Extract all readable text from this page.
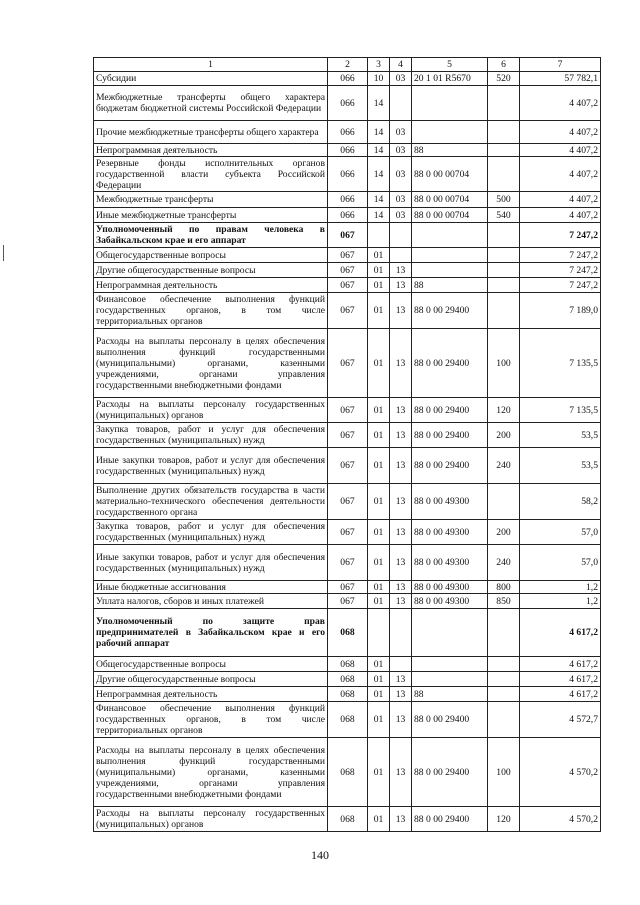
1	2	3	4	5	6	7
Субсидии	066	10	03	20 1 01 R5670	520	57 782,1
Межбюджетные трансферты общего характера бюджетам бюджетной системы Российской Федерации	066	14				4 407,2
Прочие межбюджетные трансферты общего характера	066	14	03			4 407,2
Непрограммная деятельность	066	14	03	88		4 407,2
Резервные фонды исполнительных органов государственной власти субъекта Российской Федерации	066	14	03	88 0 00 00704		4 407,2
Межбюджетные трансферты	066	14	03	88 0 00 00704	500	4 407,2
Иные межбюджетные трансферты	066	14	03	88 0 00 00704	540	4 407,2
Уполномоченный по правам человека в Забайкальском крае и его аппарат	067					7 247,2
Общегосударственные вопросы	067	01				7 247,2
Другие общегосударственные вопросы	067	01	13			7 247,2
Непрограммная деятельность	067	01	13	88		7 247,2
Финансовое обеспечение выполнения функций государственных органов, в том числе территориальных органов	067	01	13	88 0 00 29400		7 189,0
Расходы на выплаты персоналу в целях обеспечения выполнения функций государственными (муниципальными) органами, казенными учреждениями, органами управления государственными внебюджетными фондами	067	01	13	88 0 00 29400	100	7 135,5
Расходы на выплаты персоналу государственных (муниципальных) органов	067	01	13	88 0 00 29400	120	7 135,5
Закупка товаров, работ и услуг для обеспечения государственных (муниципальных) нужд	067	01	13	88 0 00 29400	200	53,5
Иные закупки товаров, работ и услуг для обеспечения государственных (муниципальных) нужд	067	01	13	88 0 00 29400	240	53,5
Выполнение других обязательств государства в части материально-технического обеспечения деятельности государственного органа	067	01	13	88 0 00 49300		58,2
Закупка товаров, работ и услуг для обеспечения государственных (муниципальных) нужд	067	01	13	88 0 00 49300	200	57,0
Иные закупки товаров, работ и услуг для обеспечения государственных (муниципальных) нужд	067	01	13	88 0 00 49300	240	57,0
Иные бюджетные ассигнования	067	01	13	88 0 00 49300	800	1,2
Уплата налогов, сборов и иных платежей	067	01	13	88 0 00 49300	850	1,2
Уполномоченный по защите прав предпринимателей в Забайкальском крае и его рабочий аппарат	068					4 617,2
Общегосударственные вопросы	068	01				4 617,2
Другие общегосударственные вопросы	068	01	13			4 617,2
Непрограммная деятельность	068	01	13	88		4 617,2
Финансовое обеспечение выполнения функций государственных органов, в том числе территориальных органов	068	01	13	88 0 00 29400		4 572,7
Расходы на выплаты персоналу в целях обеспечения выполнения функций государственными (муниципальными) органами, казенными учреждениями, органами управления государственными внебюджетными фондами	068	01	13	88 0 00 29400	100	4 570,2
Расходы на выплаты персоналу государственных (муниципальных) органов	068	01	13	88 0 00 29400	120	4 570,2
140
